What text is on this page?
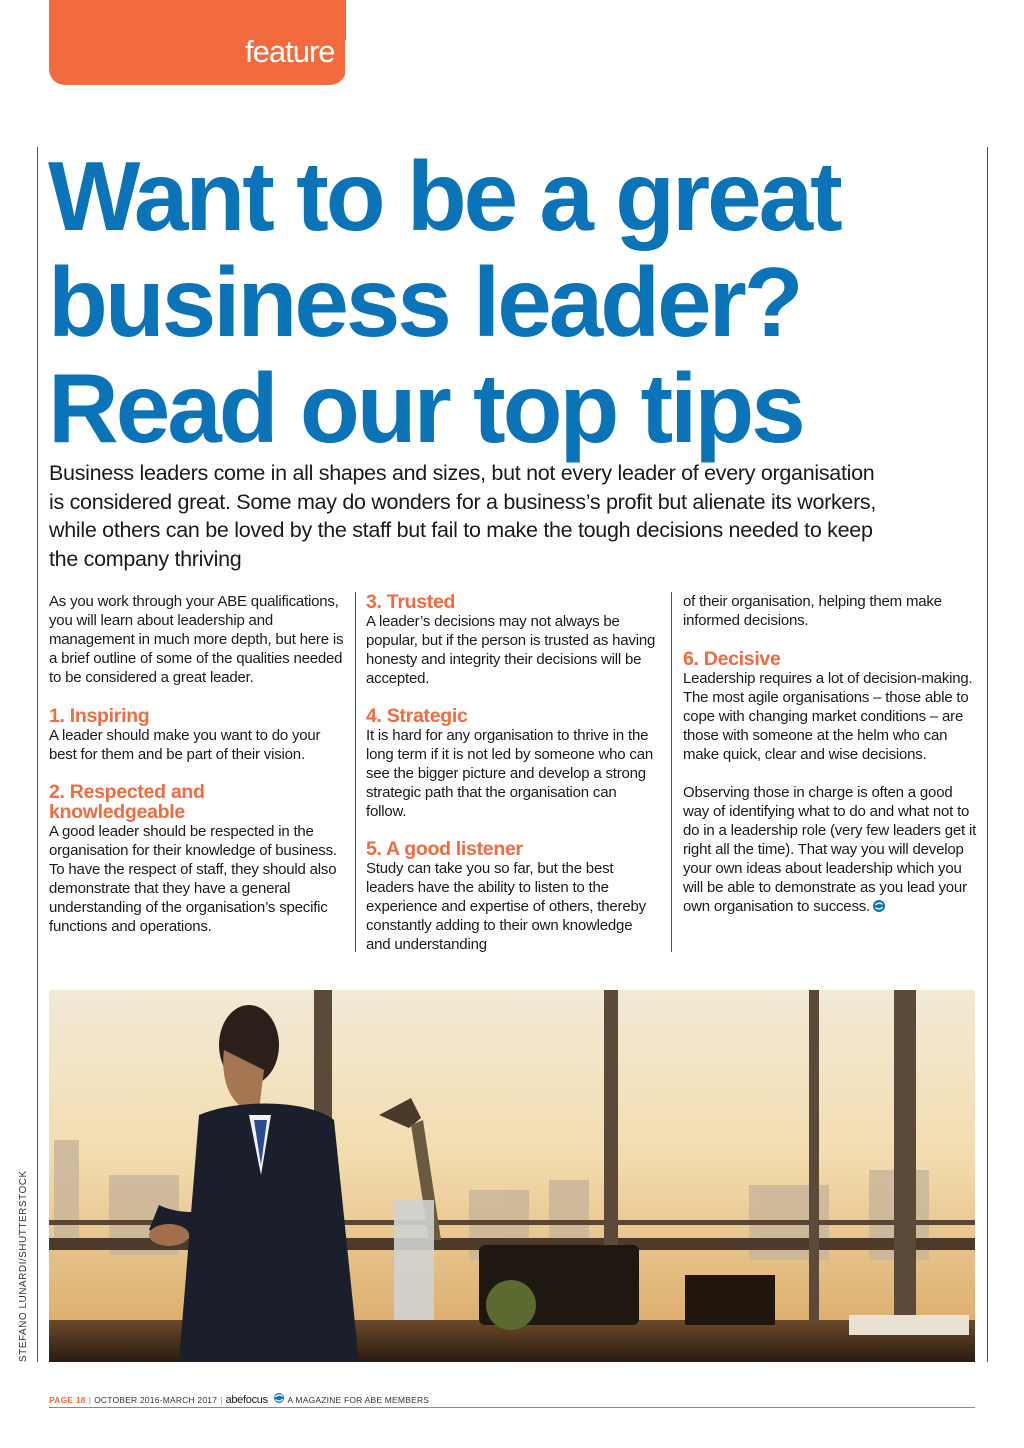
feature
Want to be a great
business leader?
Read our top tips

Business leaders come in all shapes and sizes, but not every leader of every organisation
is considered great. Some may do wonders for a business’s profit but alienate its workers,
while others can be loved by the staff but fail to make the tough decisions needed to keep
the company thriving

As you work through your ABE qualifications, you will learn about leadership and management in much more depth, but here is a brief outline of some of the qualities needed to be considered a great leader.

1. Inspiring
A leader should make you want to do your best for them and be part of their vision.
2. Respected and knowledgeable
A good leader should be respected in the organisation for their knowledge of business. To have the respect of staff, they should also demonstrate that they have a general understanding of the organisation’s specific functions and operations.
3. Trusted
A leader’s decisions may not always be popular, but if the person is trusted as having honesty and integrity their decisions will be accepted.
4. Strategic
It is hard for any organisation to thrive in the long term if it is not led by someone who can see the bigger picture and develop a strong strategic path that the organisation can follow.
5. A good listener
Study can take you so far, but the best leaders have the ability to listen to the experience and expertise of others, thereby constantly adding to their own knowledge and understanding

of their organisation, helping them make informed decisions.

6. Decisive
Leadership requires a lot of decision-making. The most agile organisations – those able to cope with changing market conditions – are those with someone at the helm who can make quick, clear and wise decisions.

Observing those in charge is often a good way of identifying what to do and what not to do in a leadership role (very few leaders get it right all the time). That way you will develop your own ideas about leadership which you will be able to demonstrate as you lead your own organisation to success.

STEFANO LUNARDI/SHUTTERSTOCK
PAGE 18 | OCTOBER 2016-MARCH 2017 | abefocus A MAGAZINE FOR ABE MEMBERS
